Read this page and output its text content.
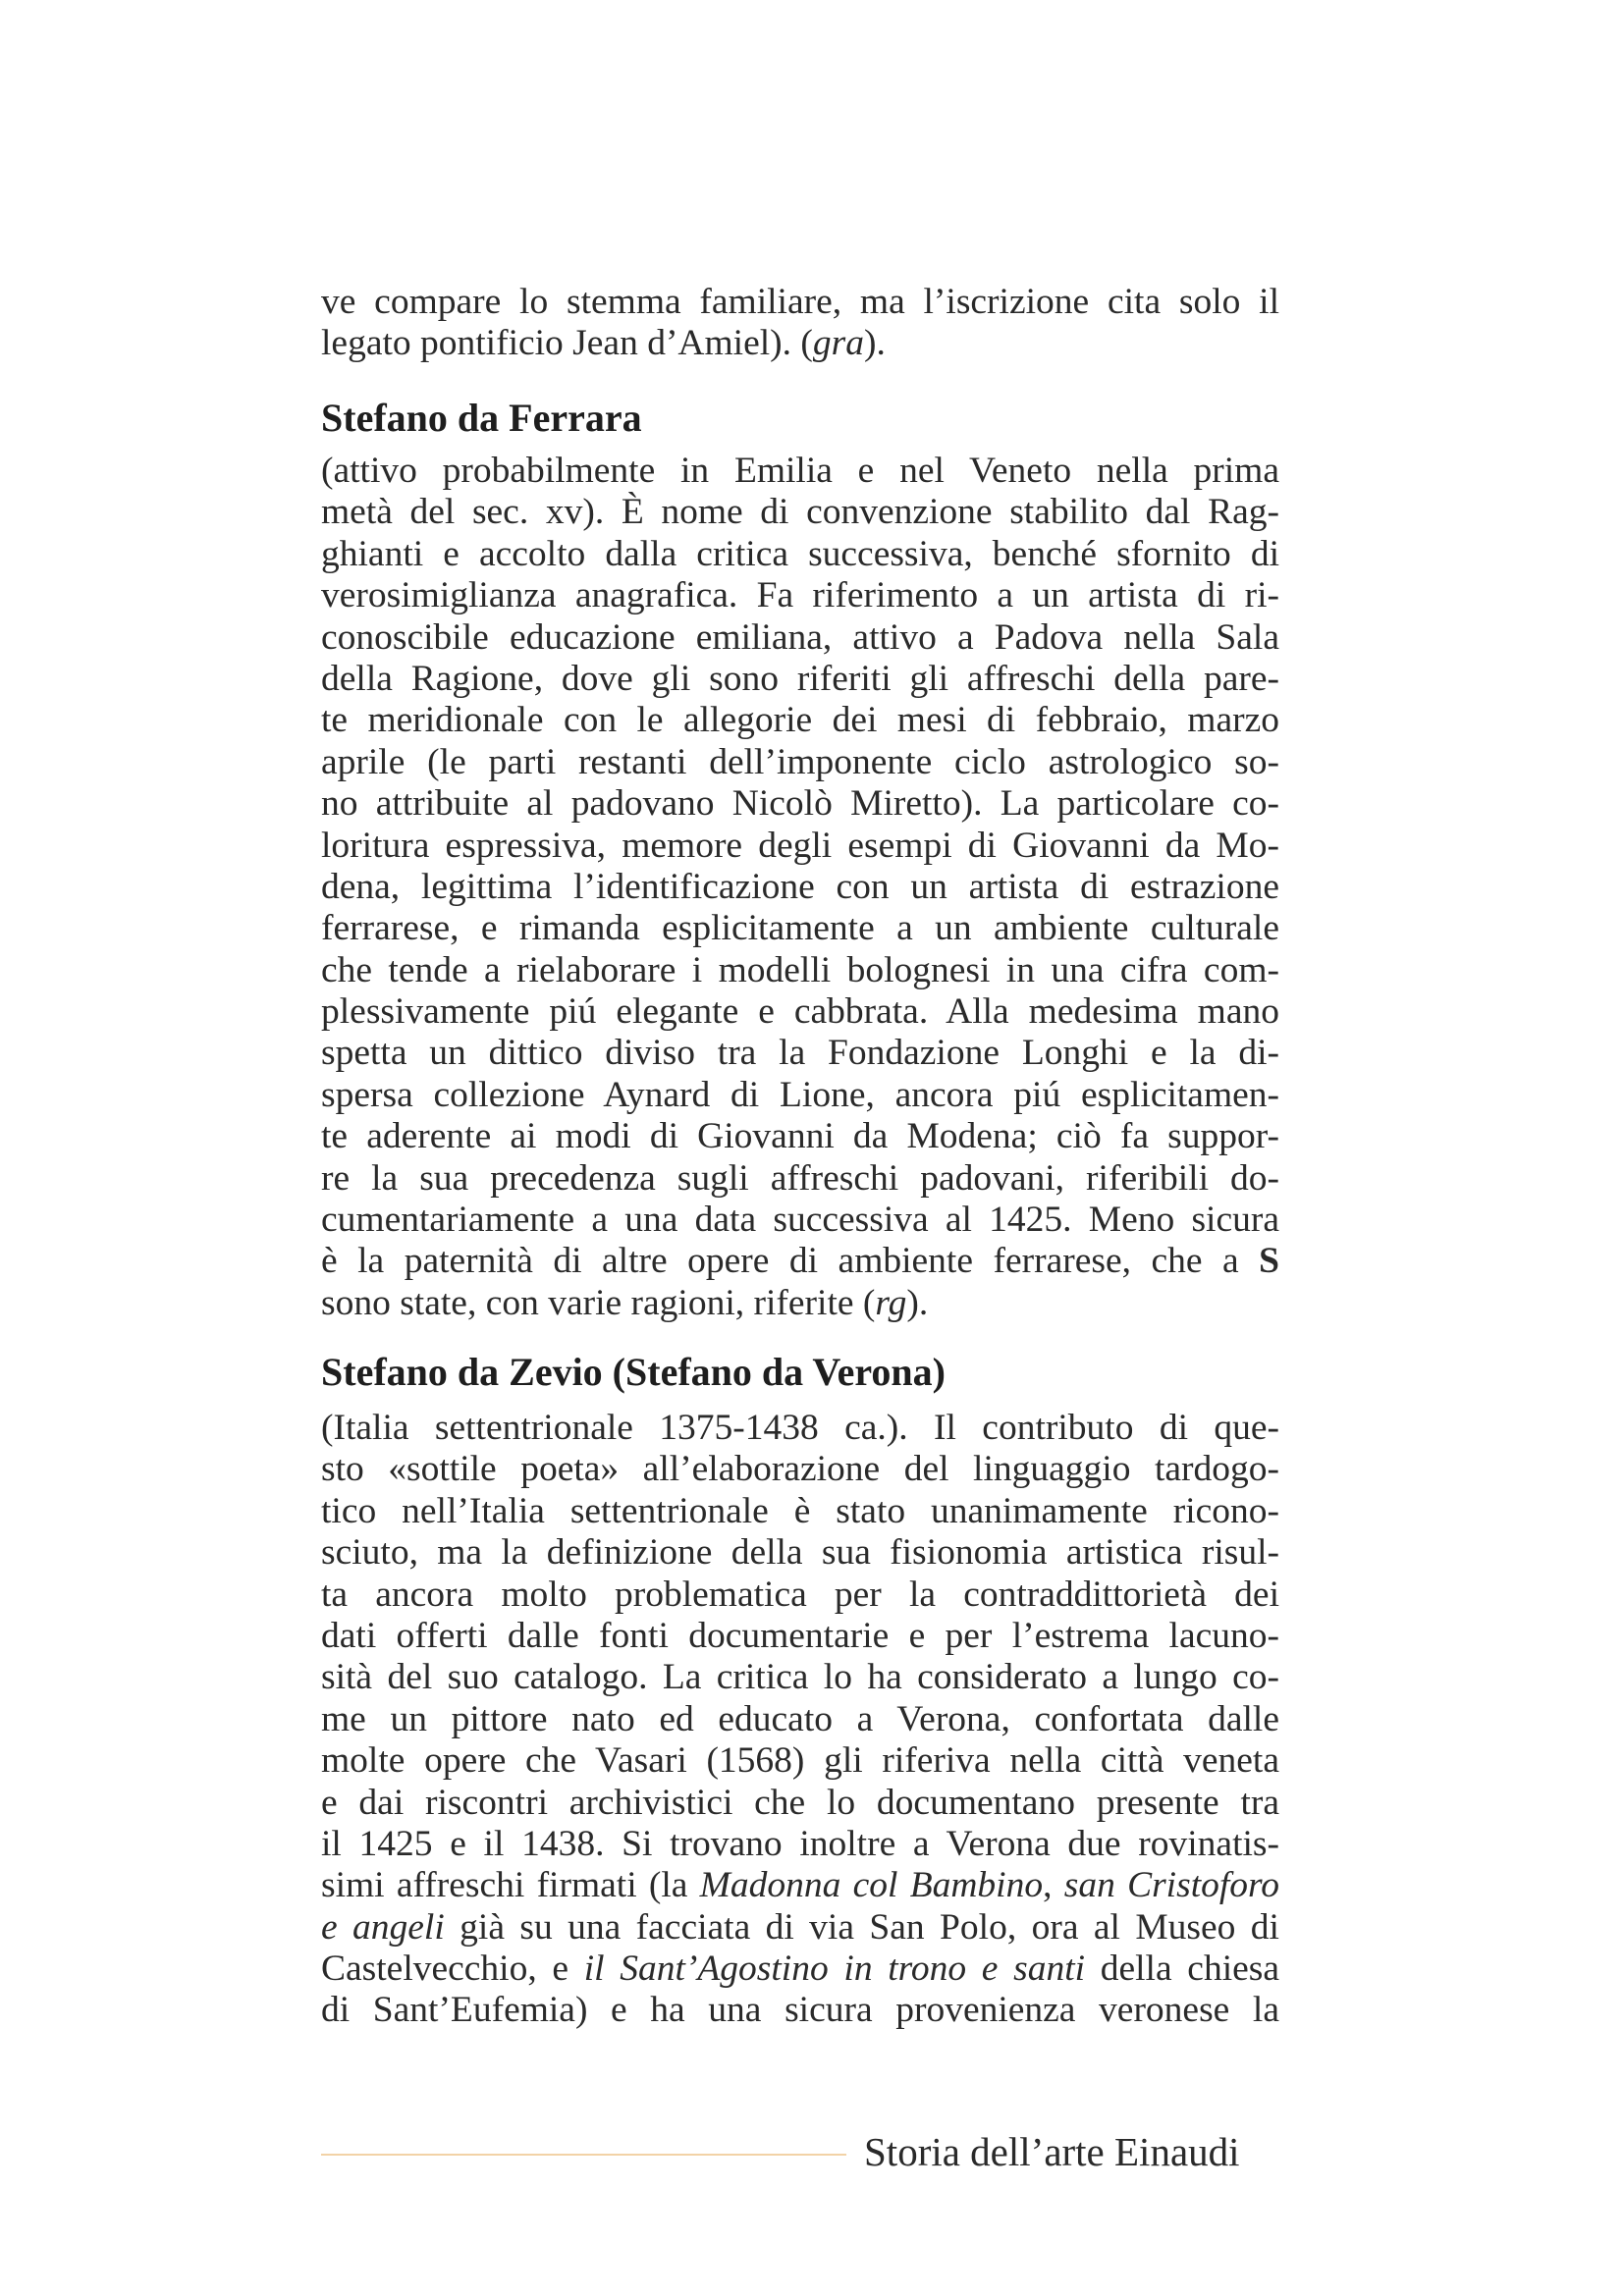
ve compare lo stemma familiare, ma l’iscrizione cita solo il
legato pontificio Jean d’Amiel). (gra).
Stefano da Ferrara
(attivo probabilmente in Emilia e nel Veneto nella prima
metà del sec. xv). È nome di convenzione stabilito dal Rag-
ghianti e accolto dalla critica successiva, benché sfornito di
verosimiglianza anagrafica. Fa riferimento a un artista di ri-
conoscibile educazione emiliana, attivo a Padova nella Sala
della Ragione, dove gli sono riferiti gli affreschi della pare-
te meridionale con le allegorie dei mesi di febbraio, marzo
aprile (le parti restanti dell’imponente ciclo astrologico so-
no attribuite al padovano Nicolò Miretto). La particolare co-
loritura espressiva, memore degli esempi di Giovanni da Mo-
dena, legittima l’identificazione con un artista di estrazione
ferrarese, e rimanda esplicitamente a un ambiente culturale
che tende a rielaborare i modelli bolognesi in una cifra com-
plessivamente piú elegante e cabbrata. Alla medesima mano
spetta un dittico diviso tra la Fondazione Longhi e la di-
spersa collezione Aynard di Lione, ancora piú esplicitamen-
te aderente ai modi di Giovanni da Modena; ciò fa suppor-
re la sua precedenza sugli affreschi padovani, riferibili do-
cumentariamente a una data successiva al 1425. Meno sicura
è la paternità di altre opere di ambiente ferrarese, che a S
sono state, con varie ragioni, riferite (rg).
Stefano da Zevio (Stefano da Verona)
(Italia settentrionale 1375-1438 ca.). Il contributo di que-
sto «sottile poeta» all’elaborazione del linguaggio tardogo-
tico nell’Italia settentrionale è stato unanimamente ricono-
sciuto, ma la definizione della sua fisionomia artistica risul-
ta ancora molto problematica per la contraddittorietà dei
dati offerti dalle fonti documentarie e per l’estrema lacuno-
sità del suo catalogo. La critica lo ha considerato a lungo co-
me un pittore nato ed educato a Verona, confortata dalle
molte opere che Vasari (1568) gli riferiva nella città veneta
e dai riscontri archivistici che lo documentano presente tra
il 1425 e il 1438. Si trovano inoltre a Verona due rovinatis-
simi affreschi firmati (la Madonna col Bambino, san Cristoforo
e angeli già su una facciata di via San Polo, ora al Museo di
Castelvecchio, e il Sant’Agostino in trono e santi della chiesa
di Sant’Eufemia) e ha una sicura provenienza veronese la
Storia dell’arte Einaudi
